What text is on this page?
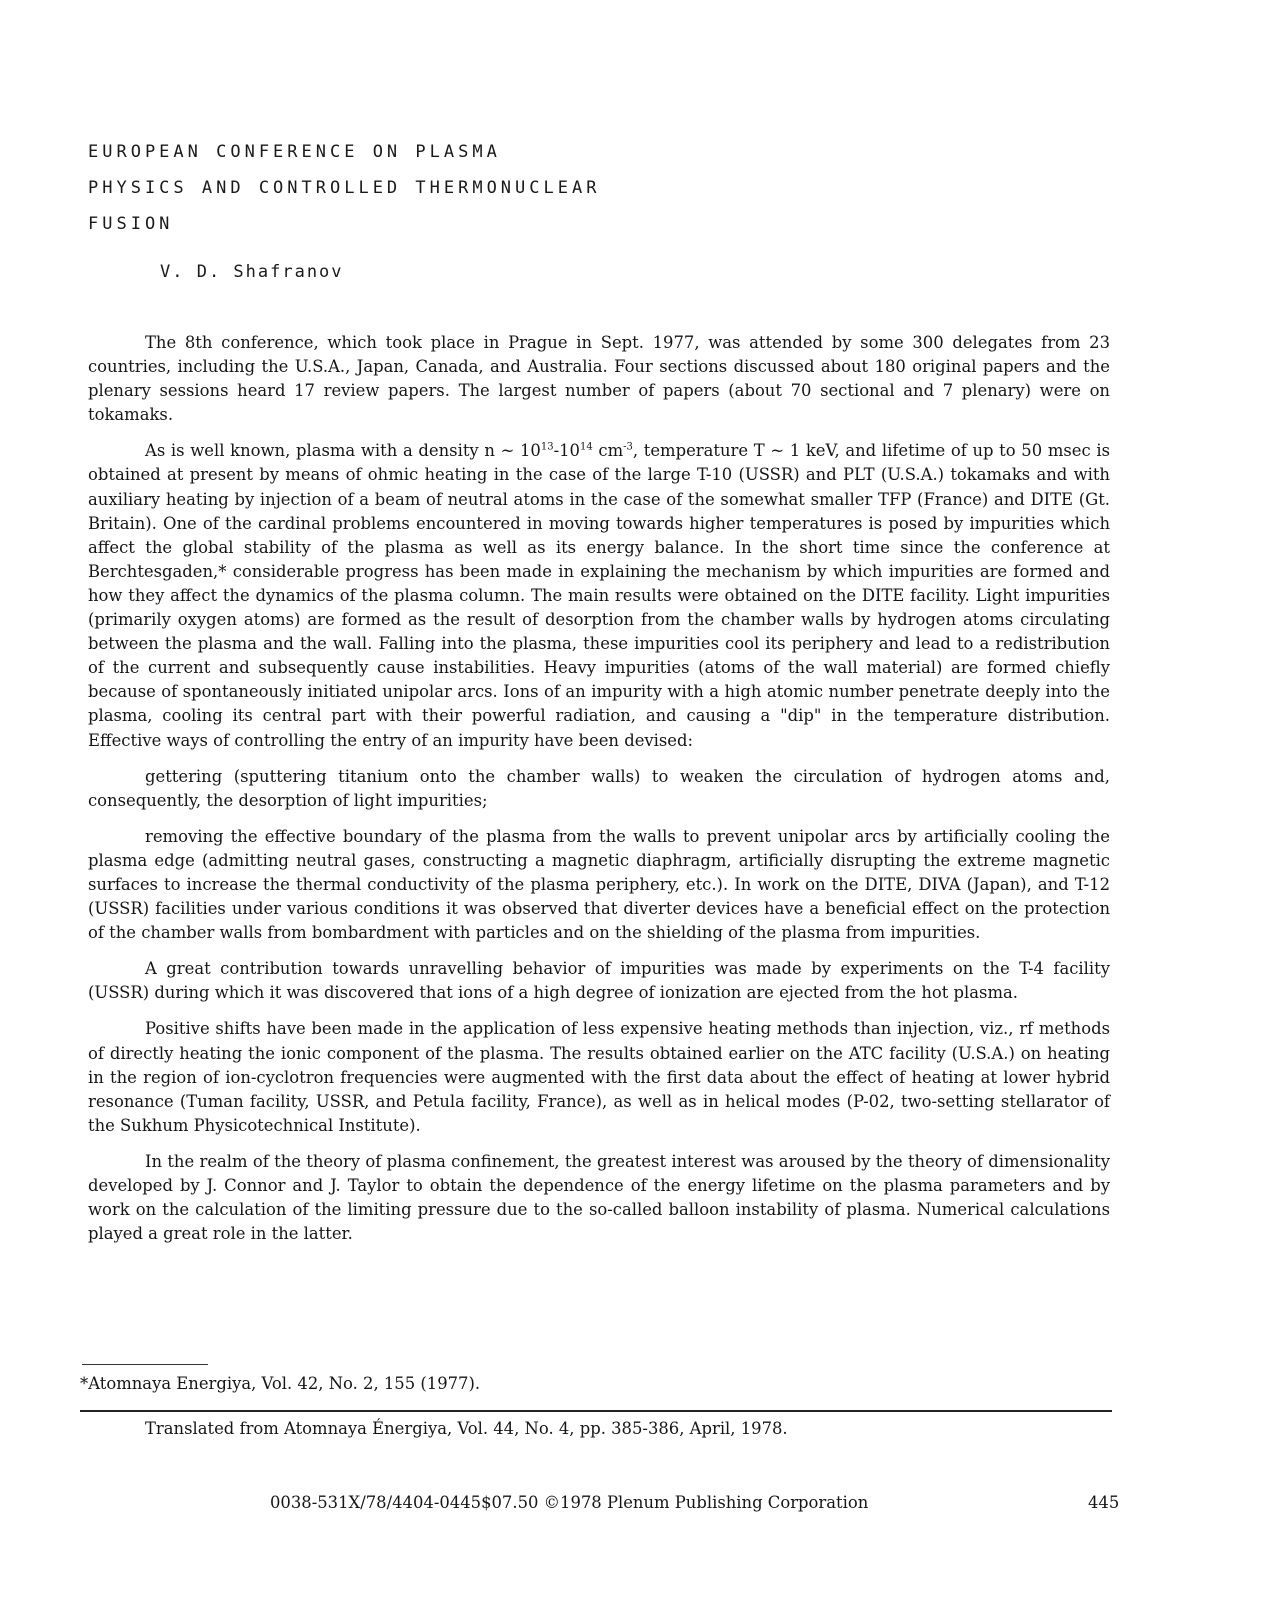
EUROPEAN CONFERENCE ON PLASMA
PHYSICS AND CONTROLLED THERMONUCLEAR
FUSION
V. D. Shafranov

The 8th conference, which took place in Prague in Sept. 1977, was attended by some 300 delegates from 23 countries, including the U.S.A., Japan, Canada, and Australia. Four sections discussed about 180 original papers and the plenary sessions heard 17 review papers. The largest number of papers (about 70 sectional and 7 plenary) were on tokamaks.

As is well known, plasma with a density n ~ $10^{13}-10^{14}$ $cm^{-3}$, temperature T ~ 1 keV, and lifetime of up to 50 msec is obtained at present by means of ohmic heating in the case of the large T-10 (USSR) and PLT (U.S.A.) tokamaks and with auxiliary heating by injection of a beam of neutral atoms in the case of the somewhat smaller TFP (France) and DITE (Gt. Britain). One of the cardinal problems encountered in moving towards higher temperatures is posed by impurities which affect the global stability of the plasma as well as its energy balance. In the short time since the conference at Berchtesgaden,* considerable progress has been made in explaining the mechanism by which impurities are formed and how they affect the dynamics of the plasma column. The main results were obtained on the DITE facility. Light impurities (primarily oxygen atoms) are formed as the result of desorption from the chamber walls by hydrogen atoms circulating between the plasma and the wall. Falling into the plasma, these impurities cool its periphery and lead to a redistribution of the current and subsequently cause instabilities. Heavy impurities (atoms of the wall material) are formed chiefly because of spontaneously initiated unipolar arcs. Ions of an impurity with a high atomic number penetrate deeply into the plasma, cooling its central part with their powerful radiation, and causing a "dip" in the temperature distribution. Effective ways of controlling the entry of an impurity have been devised:

gettering (sputtering titanium onto the chamber walls) to weaken the circulation of hydrogen atoms and, consequently, the desorption of light impurities;

removing the effective boundary of the plasma from the walls to prevent unipolar arcs by artificially cooling the plasma edge (admitting neutral gases, constructing a magnetic diaphragm, artificially disrupting the extreme magnetic surfaces to increase the thermal conductivity of the plasma periphery, etc.). In work on the DITE, DIVA (Japan), and T-12 (USSR) facilities under various conditions it was observed that diverter devices have a beneficial effect on the protection of the chamber walls from bombardment with particles and on the shielding of the plasma from impurities.

A great contribution towards unravelling behavior of impurities was made by experiments on the T-4 facility (USSR) during which it was discovered that ions of a high degree of ionization are ejected from the hot plasma.

Positive shifts have been made in the application of less expensive heating methods than injection, viz., rf methods of directly heating the ionic component of the plasma. The results obtained earlier on the ATC facility (U.S.A.) on heating in the region of ion-cyclotron frequencies were augmented with the first data about the effect of heating at lower hybrid resonance (Tuman facility, USSR, and Petula facility, France), as well as in helical modes (P-02, two-setting stellarator of the Sukhum Physicotechnical Institute).

In the realm of the theory of plasma confinement, the greatest interest was aroused by the theory of dimensionality developed by J. Connor and J. Taylor to obtain the dependence of the energy lifetime on the plasma parameters and by work on the calculation of the limiting pressure due to the so-called balloon instability of plasma. Numerical calculations played a great role in the latter.

*Atomnaya Energiya, Vol. 42, No. 2, 155 (1977).
Translated from Atomnaya Énergiya, Vol. 44, No. 4, pp. 385-386, April, 1978.
0038-531X/78/4404-0445$07.50 ©1978 Plenum Publishing Corporation	445
